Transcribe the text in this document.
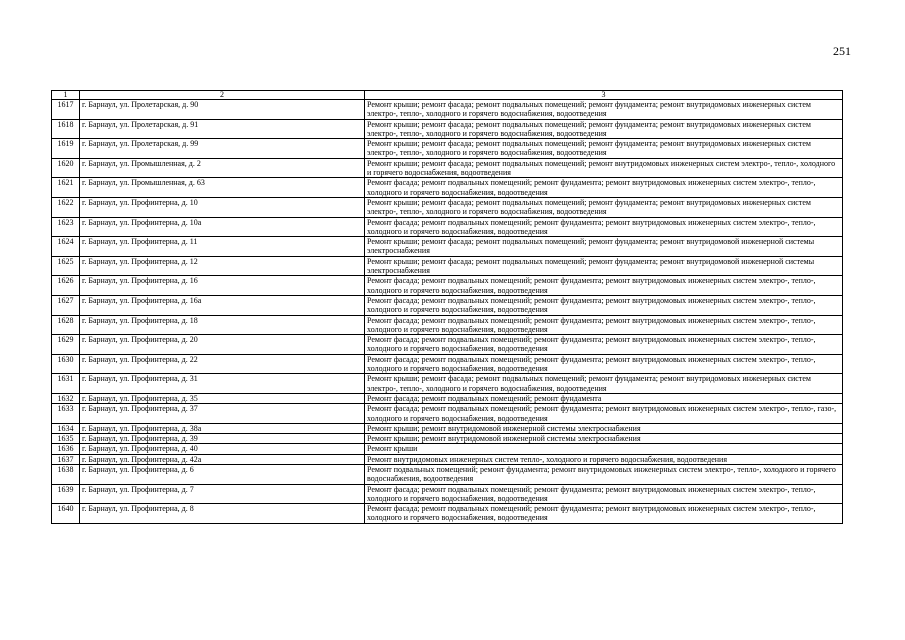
251
1	2	3
1617	г. Барнаул, ул. Пролетарская, д. 90	Ремонт крыши; ремонт фасада; ремонт подвальных помещений; ремонт фундамента; ремонт внутридомовых инженерных систем электро-, тепло-, холодного и горячего водоснабжения, водоотведения
1618	г. Барнаул, ул. Пролетарская, д. 91	Ремонт крыши; ремонт фасада; ремонт подвальных помещений; ремонт фундамента; ремонт внутридомовых инженерных систем электро-, тепло-, холодного и горячего водоснабжения, водоотведения
1619	г. Барнаул, ул. Пролетарская, д. 99	Ремонт крыши; ремонт фасада; ремонт подвальных помещений; ремонт фундамента; ремонт внутридомовых инженерных систем электро-, тепло-, холодного и горячего водоснабжения, водоотведения
1620	г. Барнаул, ул. Промышленная, д. 2	Ремонт крыши; ремонт фасада; ремонт подвальных помещений; ремонт внутридомовых инженерных систем электро-, тепло-, холодного и горячего водоснабжения, водоотведения
1621	г. Барнаул, ул. Промышленная, д. 63	Ремонт фасада; ремонт подвальных помещений; ремонт фундамента; ремонт внутридомовых инженерных систем электро-, тепло-, холодного и горячего водоснабжения, водоотведения
1622	г. Барнаул, ул. Профинтерна, д. 10	Ремонт крыши; ремонт фасада; ремонт подвальных помещений; ремонт фундамента; ремонт внутридомовых инженерных систем электро-, тепло-, холодного и горячего водоснабжения, водоотведения
1623	г. Барнаул, ул. Профинтерна, д. 10а	Ремонт фасада; ремонт подвальных помещений; ремонт фундамента; ремонт внутридомовых инженерных систем электро-, тепло-, холодного и горячего водоснабжения, водоотведения
1624	г. Барнаул, ул. Профинтерна, д. 11	Ремонт крыши; ремонт фасада; ремонт подвальных помещений; ремонт фундамента; ремонт внутридомовой инженерной системы электроснабжения
1625	г. Барнаул, ул. Профинтерна, д. 12	Ремонт крыши; ремонт фасада; ремонт подвальных помещений; ремонт фундамента; ремонт внутридомовой инженерной системы электроснабжения
1626	г. Барнаул, ул. Профинтерна, д. 16	Ремонт фасада; ремонт подвальных помещений; ремонт фундамента; ремонт внутридомовых инженерных систем электро-, тепло-, холодного и горячего водоснабжения, водоотведения
1627	г. Барнаул, ул. Профинтерна, д. 16а	Ремонт фасада; ремонт подвальных помещений; ремонт фундамента; ремонт внутридомовых инженерных систем электро-, тепло-, холодного и горячего водоснабжения, водоотведения
1628	г. Барнаул, ул. Профинтерна, д. 18	Ремонт фасада; ремонт подвальных помещений; ремонт фундамента; ремонт внутридомовых инженерных систем электро-, тепло-, холодного и горячего водоснабжения, водоотведения
1629	г. Барнаул, ул. Профинтерна, д. 20	Ремонт фасада; ремонт подвальных помещений; ремонт фундамента; ремонт внутридомовых инженерных систем электро-, тепло-, холодного и горячего водоснабжения, водоотведения
1630	г. Барнаул, ул. Профинтерна, д. 22	Ремонт фасада; ремонт подвальных помещений; ремонт фундамента; ремонт внутридомовых инженерных систем электро-, тепло-, холодного и горячего водоснабжения, водоотведения
1631	г. Барнаул, ул. Профинтерна, д. 31	Ремонт крыши; ремонт фасада; ремонт подвальных помещений; ремонт фундамента; ремонт внутридомовых инженерных систем электро-, тепло-, холодного и горячего водоснабжения, водоотведения
1632	г. Барнаул, ул. Профинтерна, д. 35	Ремонт фасада; ремонт подвальных помещений; ремонт фундамента
1633	г. Барнаул, ул. Профинтерна, д. 37	Ремонт фасада; ремонт подвальных помещений; ремонт фундамента; ремонт внутридомовых инженерных систем электро-, тепло-, газо-, холодного и горячего водоснабжения, водоотведения
1634	г. Барнаул, ул. Профинтерна, д. 38а	Ремонт крыши; ремонт внутридомовой инженерной системы электроснабжения
1635	г. Барнаул, ул. Профинтерна, д. 39	Ремонт крыши; ремонт внутридомовой инженерной системы электроснабжения
1636	г. Барнаул, ул. Профинтерна, д. 40	Ремонт крыши
1637	г. Барнаул, ул. Профинтерна, д. 42а	Ремонт внутридомовых инженерных систем тепло-, холодного и горячего водоснабжения, водоотведения
1638	г. Барнаул, ул. Профинтерна, д. 6	Ремонт подвальных помещений; ремонт фундамента; ремонт внутридомовых инженерных систем электро-, тепло-, холодного и горячего водоснабжения, водоотведения
1639	г. Барнаул, ул. Профинтерна, д. 7	Ремонт фасада; ремонт подвальных помещений; ремонт фундамента; ремонт внутридомовых инженерных систем электро-, тепло-, холодного и горячего водоснабжения, водоотведения
1640	г. Барнаул, ул. Профинтерна, д. 8	Ремонт фасада; ремонт подвальных помещений; ремонт фундамента; ремонт внутридомовых инженерных систем электро-, тепло-, холодного и горячего водоснабжения, водоотведения
